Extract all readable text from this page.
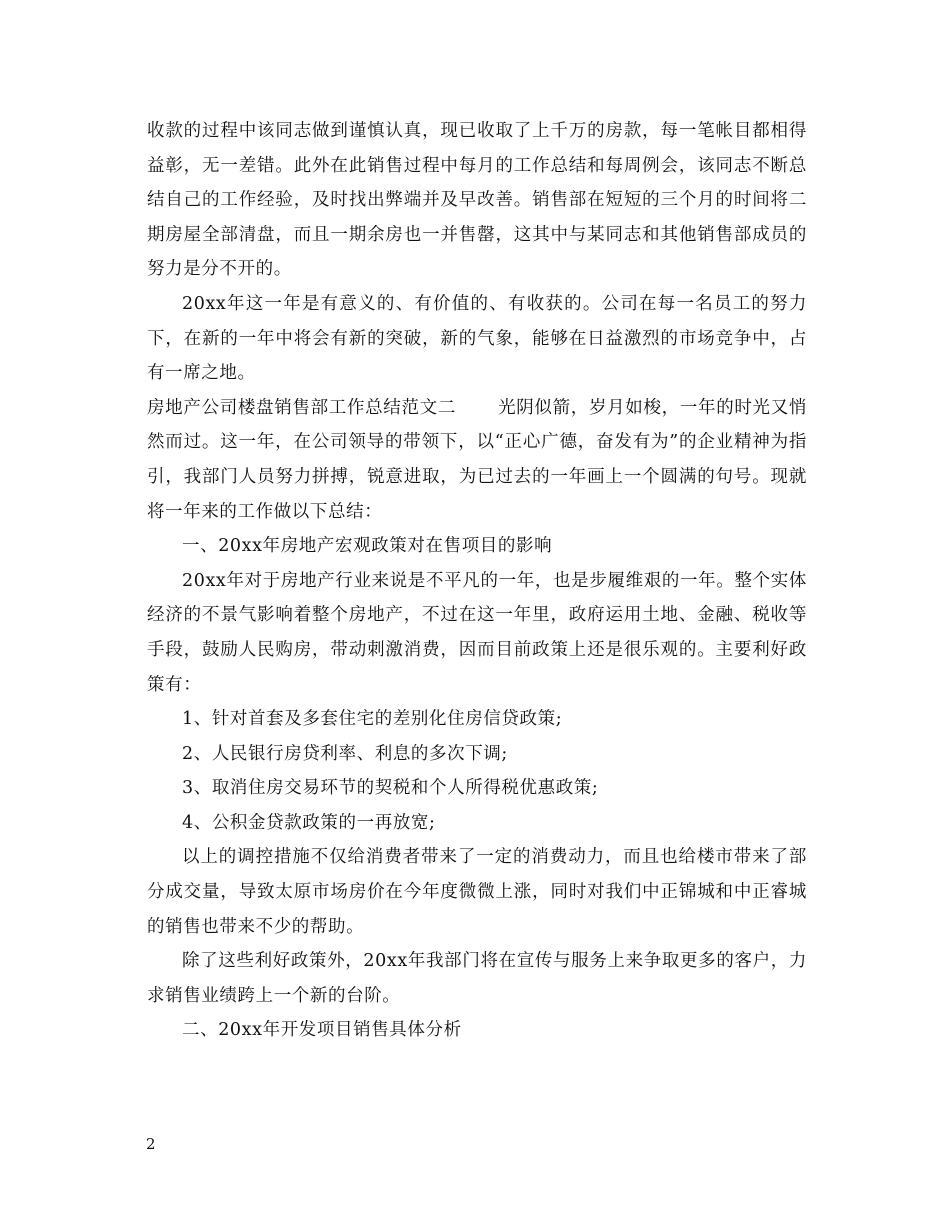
收款的过程中该同志做到谨慎认真，现已收取了上千万的房款，每一笔帐目都相得益彰，无一差错。此外在此销售过程中每月的工作总结和每周例会，该同志不断总结自己的工作经验，及时找出弊端并及早改善。销售部在短短的三个月的时间将二期房屋全部清盘，而且一期余房也一并售罄，这其中与某同志和其他销售部成员的努力是分不开的。

20xx年这一年是有意义的、有价值的、有收获的。公司在每一名员工的努力下，在新的一年中将会有新的突破，新的气象，能够在日益激烈的市场竞争中，占有一席之地。

房地产公司楼盘销售部工作总结范文二 光阴似箭，岁月如梭，一年的时光又悄然而过。这一年，在公司领导的带领下，以“正心广德，奋发有为”的企业精神为指引，我部门人员努力拼搏，锐意进取，为已过去的一年画上一个圆满的句号。现就将一年来的工作做以下总结：

一、20xx年房地产宏观政策对在售项目的影响

20xx年对于房地产行业来说是不平凡的一年，也是步履维艰的一年。整个实体经济的不景气影响着整个房地产，不过在这一年里，政府运用土地、金融、税收等手段，鼓励人民购房，带动刺激消费，因而目前政策上还是很乐观的。主要利好政策有：

1、针对首套及多套住宅的差别化住房信贷政策;

2、人民银行房贷利率、利息的多次下调;

3、取消住房交易环节的契税和个人所得税优惠政策;

4、公积金贷款政策的一再放宽;

以上的调控措施不仅给消费者带来了一定的消费动力，而且也给楼市带来了部分成交量，导致太原市场房价在今年度微微上涨，同时对我们中正锦城和中正睿城的销售也带来不少的帮助。

除了这些利好政策外，20xx年我部门将在宣传与服务上来争取更多的客户，力求销售业绩跨上一个新的台阶。

二、20xx年开发项目销售具体分析

2
